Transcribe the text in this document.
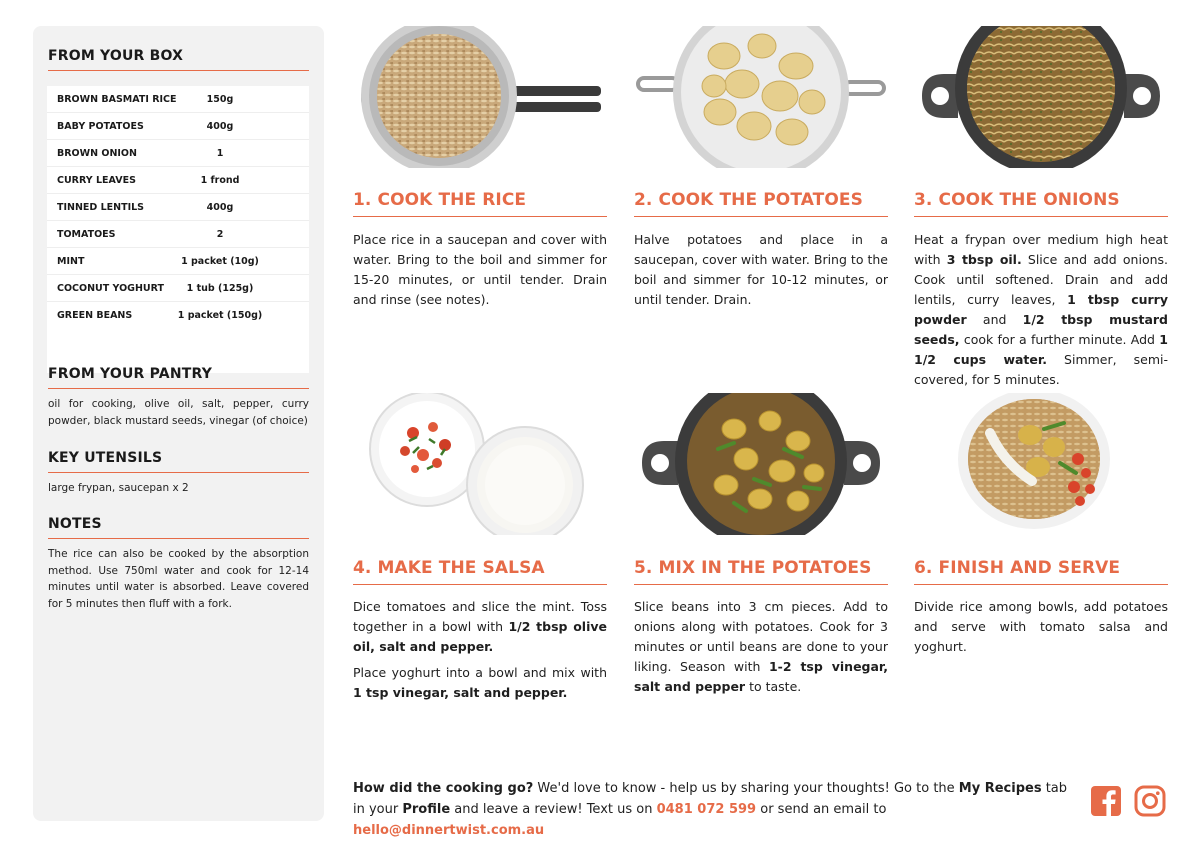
FROM YOUR BOX
BROWN BASMATI RICE	150g
BABY POTATOES	400g
BROWN ONION	1
CURRY LEAVES	1 frond
TINNED LENTILS	400g
TOMATOES	2
MINT	1 packet (10g)
COCONUT YOGHURT	1 tub (125g)
GREEN BEANS	1 packet (150g)
FROM YOUR PANTRY
oil for cooking, olive oil, salt, pepper, curry powder, black mustard seeds, vinegar (of choice)
KEY UTENSILS
large frypan, saucepan x 2
NOTES
The rice can also be cooked by the absorption method. Use 750ml water and cook for 12-14 minutes until water is absorbed. Leave covered for 5 minutes then fluff with a fork.
1. COOK THE RICE

Place rice in a saucepan and cover with water. Bring to the boil and simmer for 15-20 minutes, or until tender. Drain and rinse (see notes).

2. COOK THE POTATOES

Halve potatoes and place in a saucepan, cover with water. Bring to the boil and simmer for 10-12 minutes, or until tender. Drain.

3. COOK THE ONIONS

Heat a frypan over medium high heat with 3 tbsp oil. Slice and add onions. Cook until softened. Drain and add lentils, curry leaves, 1 tbsp curry powder and 1/2 tbsp mustard seeds, cook for a further minute. Add 1 1/2 cups water. Simmer, semi-covered, for 5 minutes.

4. MAKE THE SALSA

Dice tomatoes and slice the mint. Toss together in a bowl with 1/2 tbsp olive oil, salt and pepper.

Place yoghurt into a bowl and mix with 1 tsp vinegar, salt and pepper.

5. MIX IN THE POTATOES

Slice beans into 3 cm pieces. Add to onions along with potatoes. Cook for 3 minutes or until beans are done to your liking. Season with 1-2 tsp vinegar, salt and pepper to taste.

6. FINISH AND SERVE

Divide rice among bowls, add potatoes and serve with tomato salsa and yoghurt.

How did the cooking go? We'd love to know - help us by sharing your thoughts! Go to the My Recipes tab in your Profile and leave a review! Text us on 0481 072 599 or send an email to hello@dinnertwist.com.au
